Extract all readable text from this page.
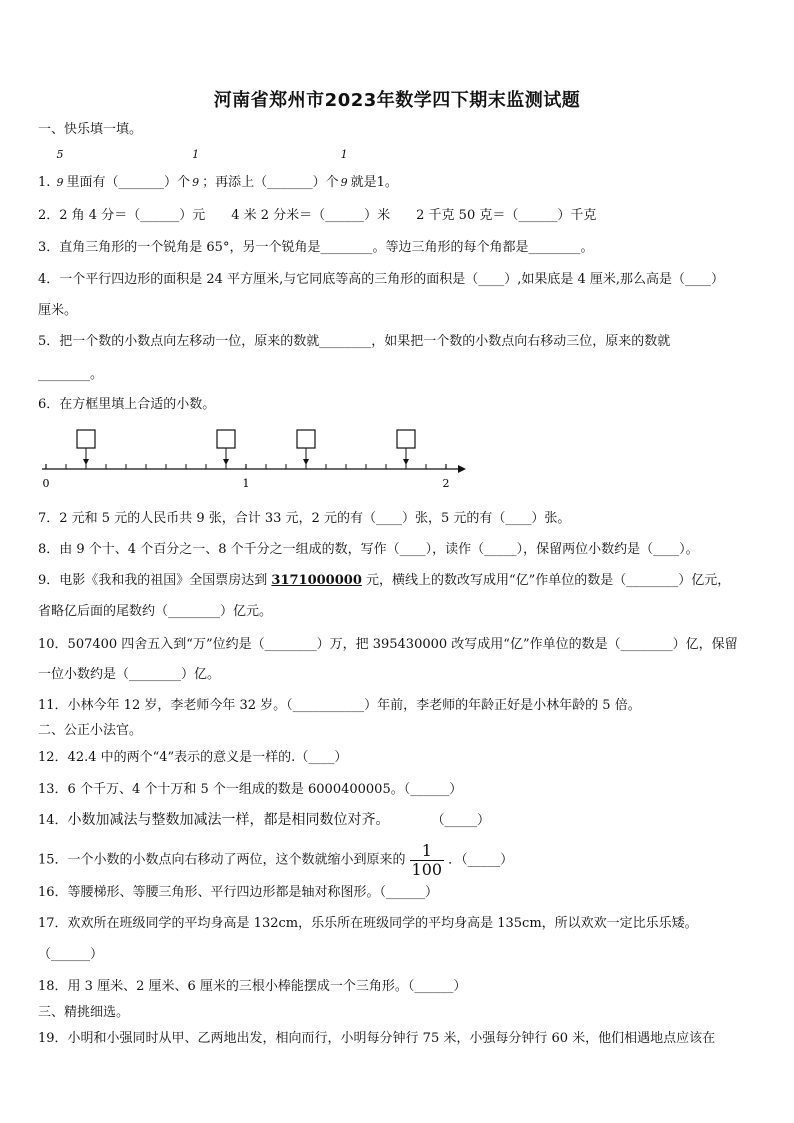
河南省郑州市2023年数学四下期末监测试题
一、快乐填一填。
1.
5
9 里面有（_______）个
1
9 ；再添上（_______）个
1
9 就是1。
2．2 角 4 分＝（______）元　　4 米 2 分米＝（______）米　　2 千克 50 克＝（______）千克
3．直角三角形的一个锐角是 65°，另一个锐角是________。等边三角形的每个角都是________。
4．一个平行四边形的面积是 24 平方厘米,与它同底等高的三角形的面积是（____）,如果底是 4 厘米,那么高是（____）
厘米。
5．把一个数的小数点向左移动一位，原来的数就________，如果把一个数的小数点向右移动三位，原来的数就
________。
6．在方框里填上合适的小数。
0	1	2
7．2 元和 5 元的人民币共 9 张，合计 33 元，2 元的有（____）张，5 元的有（____）张。
8．由 9 个十、4 个百分之一、8 个千分之一组成的数，写作（____），读作（_____），保留两位小数约是（____）。
9．电影《我和我的祖国》全国票房达到 3171000000 元，横线上的数改写成用“亿”作单位的数是（________）亿元，
省略亿后面的尾数约（________）亿元。
10．507400 四舍五入到“万”位约是（________）万，把 395430000 改写成用“亿”作单位的数是（________）亿，保留
一位小数约是（________）亿。
11．小林今年 12 岁，李老师今年 32 岁。（___________）年前，李老师的年龄正好是小林年龄的 5 倍。
二、公正小法官。
12．42.4 中的两个“4”表示的意义是一样的.（____）
13．6 个千万、4 个十万和 5 个一组成的数是 6000400005。（______）
14．小数加减法与整数加减法一样，都是相同数位对齐。	（_____）
15．一个小数的小数点向右移动了两位，这个数就缩小到原来的 $\frac{1}{100}$ ．（_____）
16．等腰梯形、等腰三角形、平行四边形都是轴对称图形。（______）
17．欢欢所在班级同学的平均身高是 132cm，乐乐所在班级同学的平均身高是 135cm，所以欢欢一定比乐乐矮。
（______）
18．用 3 厘米、2 厘米、6 厘米的三根小棒能摆成一个三角形。（______）
三、精挑细选。
19．小明和小强同时从甲、乙两地出发，相向而行，小明每分钟行 75 米，小强每分钟行 60 米，他们相遇地点应该在
